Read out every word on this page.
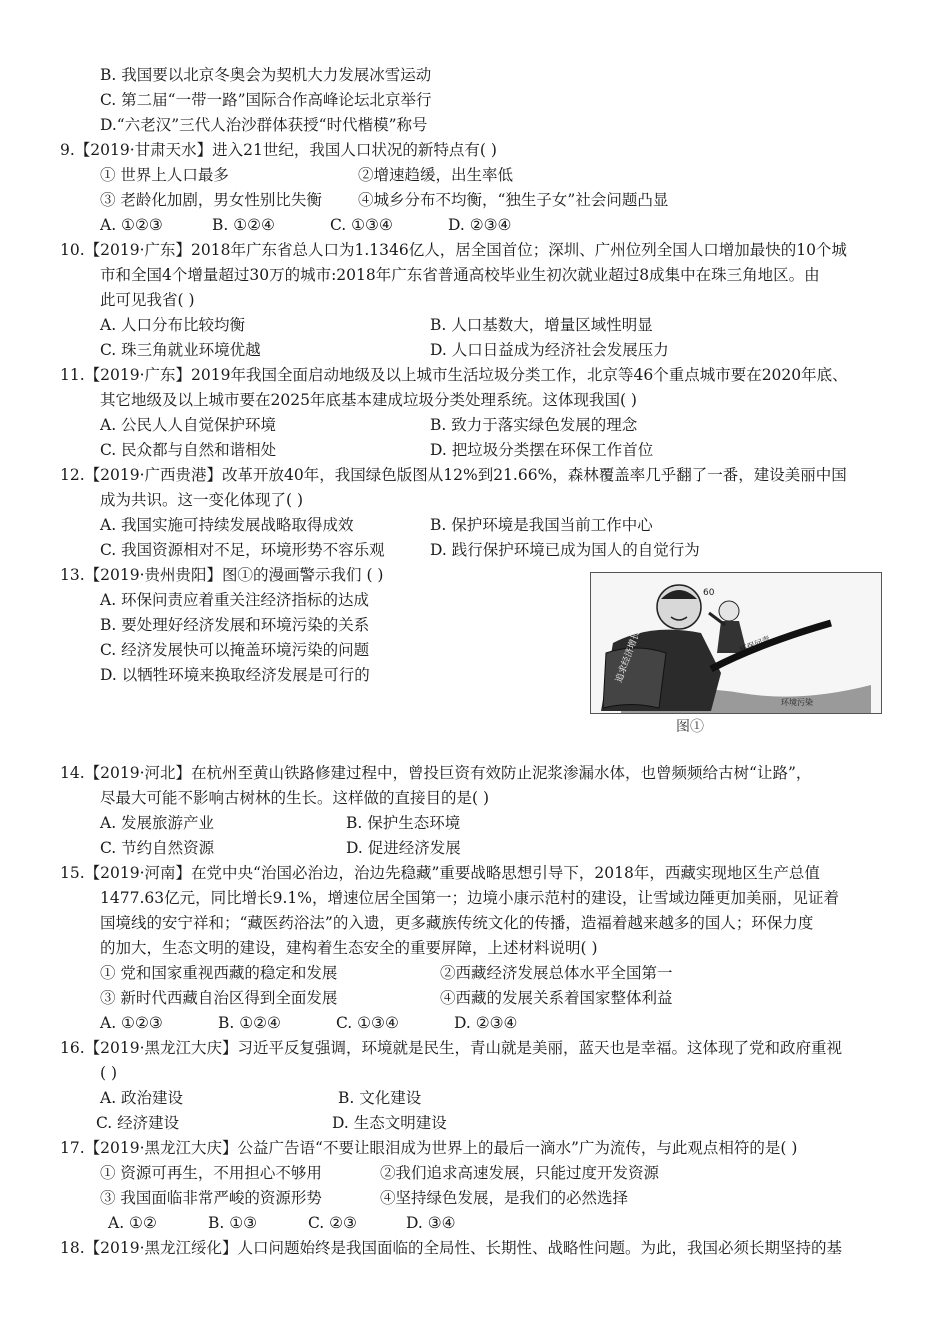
B. 我国要以北京冬奥会为契机大力发展冰雪运动
C. 第二届“一带一路”国际合作高峰论坛北京举行
D.“六老汉”三代人治沙群体获授“时代楷模”称号
9.【2019·甘肃天水】进入21世纪，我国人口状况的新特点有( )
① 世界上人口最多	②增速趋缓，出生率低
③ 老龄化加剧，男女性别比失衡 ④城乡分布不均衡，“独生子女”社会问题凸显
A. ①②③	B. ①②④	C. ①③④	D. ②③④
10.【2019·广东】2018年广东省总人口为1.1346亿人，居全国首位；深圳、广州位列全国人口增加最快的10个城
市和全国4个增量超过30万的城市:2018年广东省普通高校毕业生初次就业超过8成集中在珠三角地区。由
此可见我省( )
A. 人口分布比较均衡	B. 人口基数大，增量区域性明显
C. 珠三角就业环境优越	D. 人口日益成为经济社会发展压力
11.【2019·广东】2019年我国全面启动地级及以上城市生活垃圾分类工作，北京等46个重点城市要在2020年底、
其它地级及以上城市要在2025年底基本建成垃圾分类处理系统。这体现我国( )
A. 公民人人自觉保护环境	B. 致力于落实绿色发展的理念
C. 民众都与自然和谐相处	D. 把垃圾分类摆在环保工作首位
12.【2019·广西贵港】改革开放40年，我国绿色版图从12%到21.66%，森林覆盖率几乎翻了一番，建设美丽中国
成为共识。这一变化体现了( )
A. 我国实施可持续发展战略取得成效	B. 保护环境是我国当前工作中心
C. 我国资源相对不足，环境形势不容乐观	D. 践行保护环境已成为国人的自觉行为
13.【2019·贵州贵阳】图①的漫画警示我们 ( )
A. 环保问责应着重关注经济指标的达成
B. 要处理好经济发展和环境污染的关系
C. 经济发展快可以掩盖环境污染的问题
D. 以牺牲环境来换取经济发展是可行的	追求经济增长	环保问责
环境污染
60
图①
14.【2019·河北】在杭州至黄山铁路修建过程中，曾投巨资有效防止泥浆渗漏水体，也曾频频给古树“让路”，
尽最大可能不影响古树林的生长。这样做的直接目的是( )
A. 发展旅游产业	B. 保护生态环境
C. 节约自然资源	D. 促进经济发展
15.【2019·河南】在党中央“治国必治边，治边先稳藏”重要战略思想引导下，2018年，西藏实现地区生产总值
1477.63亿元，同比增长9.1%，增速位居全国第一；边境小康示范村的建设，让雪域边陲更加美丽，见证着
国境线的安宁祥和；“藏医药浴法”的入遗，更多藏族传统文化的传播，造福着越来越多的国人；环保力度
的加大，生态文明的建设，建构着生态安全的重要屏障，上述材料说明( )
① 党和国家重视西藏的稳定和发展	②西藏经济发展总体水平全国第一
③ 新时代西藏自治区得到全面发展	④西藏的发展关系着国家整体利益
A. ①②③	B. ①②④	C. ①③④	D. ②③④
16.【2019·黑龙江大庆】习近平反复强调，环境就是民生，青山就是美丽，蓝天也是幸福。这体现了党和政府重视
( )
A. 政治建设	B. 文化建设
C. 经济建设	D. 生态文明建设
17.【2019·黑龙江大庆】公益广告语“不要让眼泪成为世界上的最后一滴水”广为流传，与此观点相符的是( )
① 资源可再生，不用担心不够用	②我们追求高速发展，只能过度开发资源
③ 我国面临非常严峻的资源形势	④坚持绿色发展，是我们的必然选择
A. ①②	B. ①③	C. ②③	D. ③④
18.【2019·黑龙江绥化】人口问题始终是我国面临的全局性、长期性、战略性问题。为此，我国必须长期坚持的基
